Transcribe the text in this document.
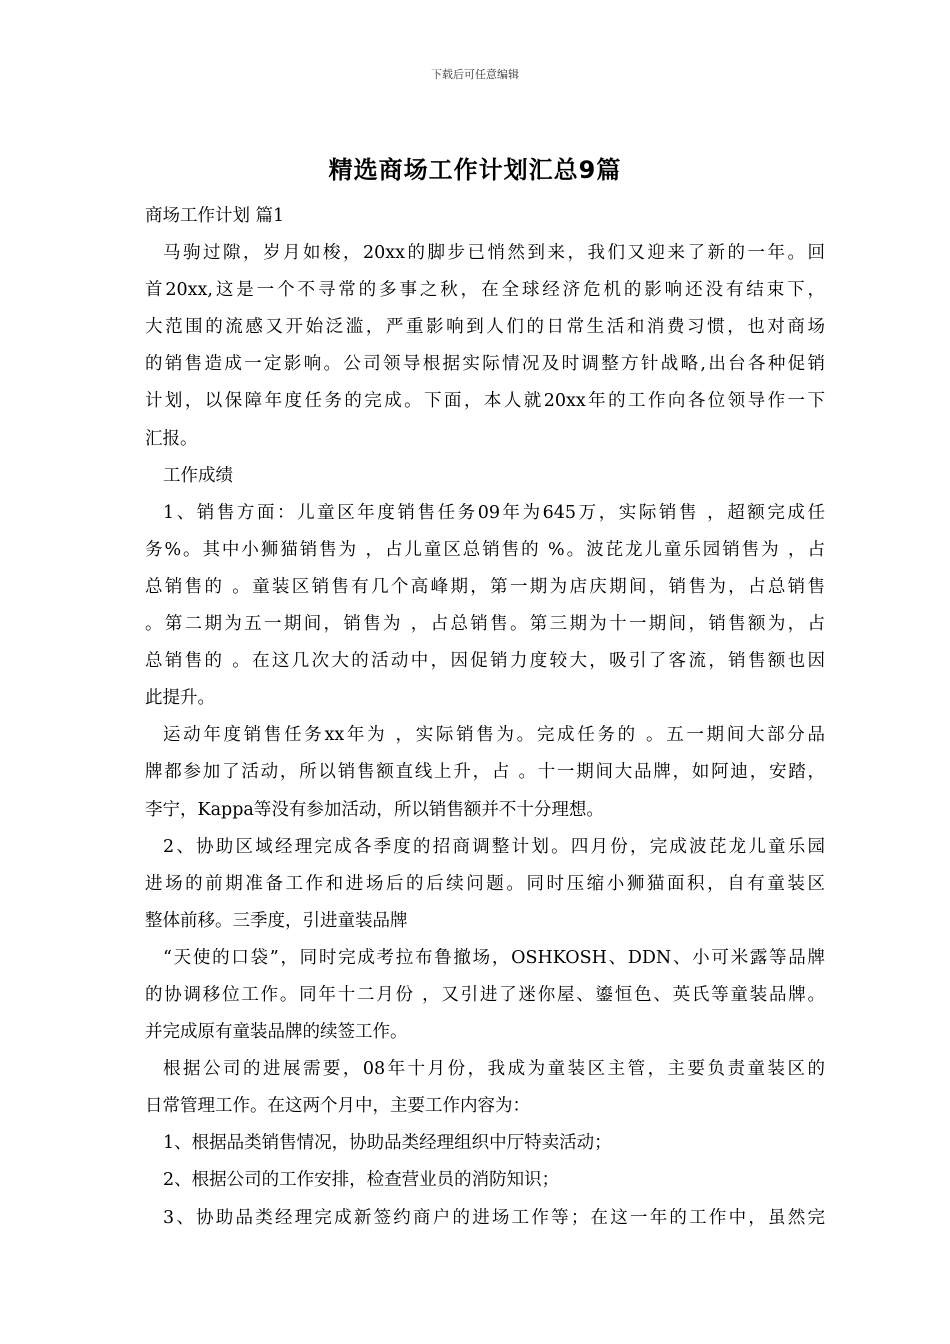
下载后可任意编辑
精选商场工作计划汇总9篇

商场工作计划 篇1

马驹过隙，岁月如梭，20xx的脚步已悄然到来，我们又迎来了新的一年。回

首20xx,这是一个不寻常的多事之秋，在全球经济危机的影响还没有结束下，

大范围的流感又开始泛滥，严重影响到人们的日常生活和消费习惯，也对商场

的销售造成一定影响。公司领导根据实际情况及时调整方针战略,出台各种促销

计划，以保障年度任务的完成。下面，本人就20xx年的工作向各位领导作一下

汇报。

工作成绩

1、销售方面：儿童区年度销售任务09年为645万，实际销售 ，超额完成任

务%。其中小狮猫销售为 ，占儿童区总销售的 %。波芘龙儿童乐园销售为 ，占

总销售的 。童装区销售有几个高峰期，第一期为店庆期间，销售为，占总销售

。第二期为五一期间，销售为 ，占总销售。第三期为十一期间，销售额为，占

总销售的 。在这几次大的活动中，因促销力度较大，吸引了客流，销售额也因

此提升。

运动年度销售任务xx年为 ，实际销售为。完成任务的 。五一期间大部分品

牌都参加了活动，所以销售额直线上升，占 。十一期间大品牌，如阿迪，安踏，

李宁，Kappa等没有参加活动，所以销售额并不十分理想。

2、协助区域经理完成各季度的招商调整计划。四月份，完成波芘龙儿童乐园

进场的前期准备工作和进场后的后续问题。同时压缩小狮猫面积，自有童装区

整体前移。三季度，引进童装品牌

“天使的口袋”，同时完成考拉布鲁撤场，OSHKOSH、DDN、小可米露等品牌

的协调移位工作。同年十二月份 ，又引进了迷你屋、鎏恒色、英氏等童装品牌。

并完成原有童装品牌的续签工作。

根据公司的进展需要，08年十月份，我成为童装区主管，主要负责童装区的

日常管理工作。在这两个月中，主要工作内容为：

1、根据品类销售情况，协助品类经理组织中厅特卖活动；

2、根据公司的工作安排，检查营业员的消防知识；

3、协助品类经理完成新签约商户的进场工作等；在这一年的工作中，虽然完
